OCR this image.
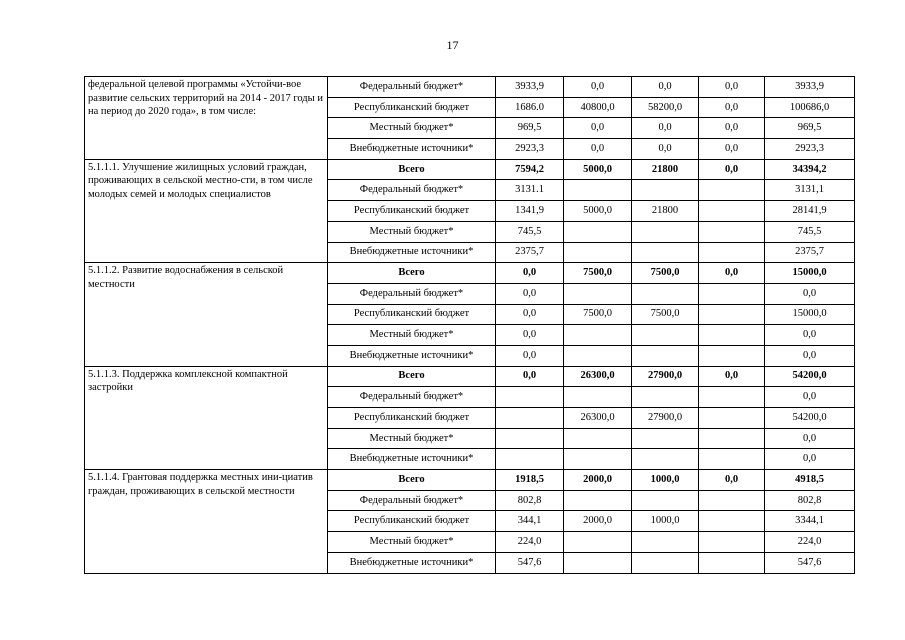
17
федеральной целевой программы «Устойчи-вое развитие сельских территорий на 2014 - 2017 годы и на период до 2020 года», в том числе:	Федеральный бюджет*	3933,9	0,0	0,0	0,0	3933,9
	Республиканский бюджет	1686.0	40800,0	58200,0	0,0	100686,0
	Местный бюджет*	969,5	0,0	0,0	0,0	969,5
	Внебюджетные источники*	2923,3	0,0	0,0	0,0	2923,3
5.1.1.1. Улучшение жилищных условий граждан, проживающих в сельской местно-сти, в том числе молодых семей и молодых специалистов	Всего	7594,2	5000,0	21800	0,0	34394,2
	Федеральный бюджет*	3131.1				3131,1
	Республиканский бюджет	1341,9	5000,0	21800		28141,9
	Местный бюджет*	745,5				745,5
	Внебюджетные источники*	2375,7				2375,7
5.1.1.2. Развитие водоснабжения в сельской местности	Всего	0,0	7500,0	7500,0	0,0	15000,0
	Федеральный бюджет*	0,0				0,0
	Республиканский бюджет	0,0	7500,0	7500,0		15000,0
	Местный бюджет*	0,0				0,0
	Внебюджетные источники*	0,0				0,0
5.1.1.3. Поддержка комплексной компактной застройки	Всего	0,0	26300,0	27900,0	0,0	54200,0
	Федеральный бюджет*					0,0
	Республиканский бюджет		26300,0	27900,0		54200,0
	Местный бюджет*					0,0
	Внебюджетные источники*					0,0
5.1.1.4. Грантовая поддержка местных ини-циатив граждан, проживающих в сельской местности	Всего	1918,5	2000,0	1000,0	0,0	4918,5
	Федеральный бюджет*	802,8				802,8
	Республиканский бюджет	344,1	2000,0	1000,0		3344,1
	Местный бюджет*	224,0				224,0
	Внебюджетные источники*	547,6				547,6
